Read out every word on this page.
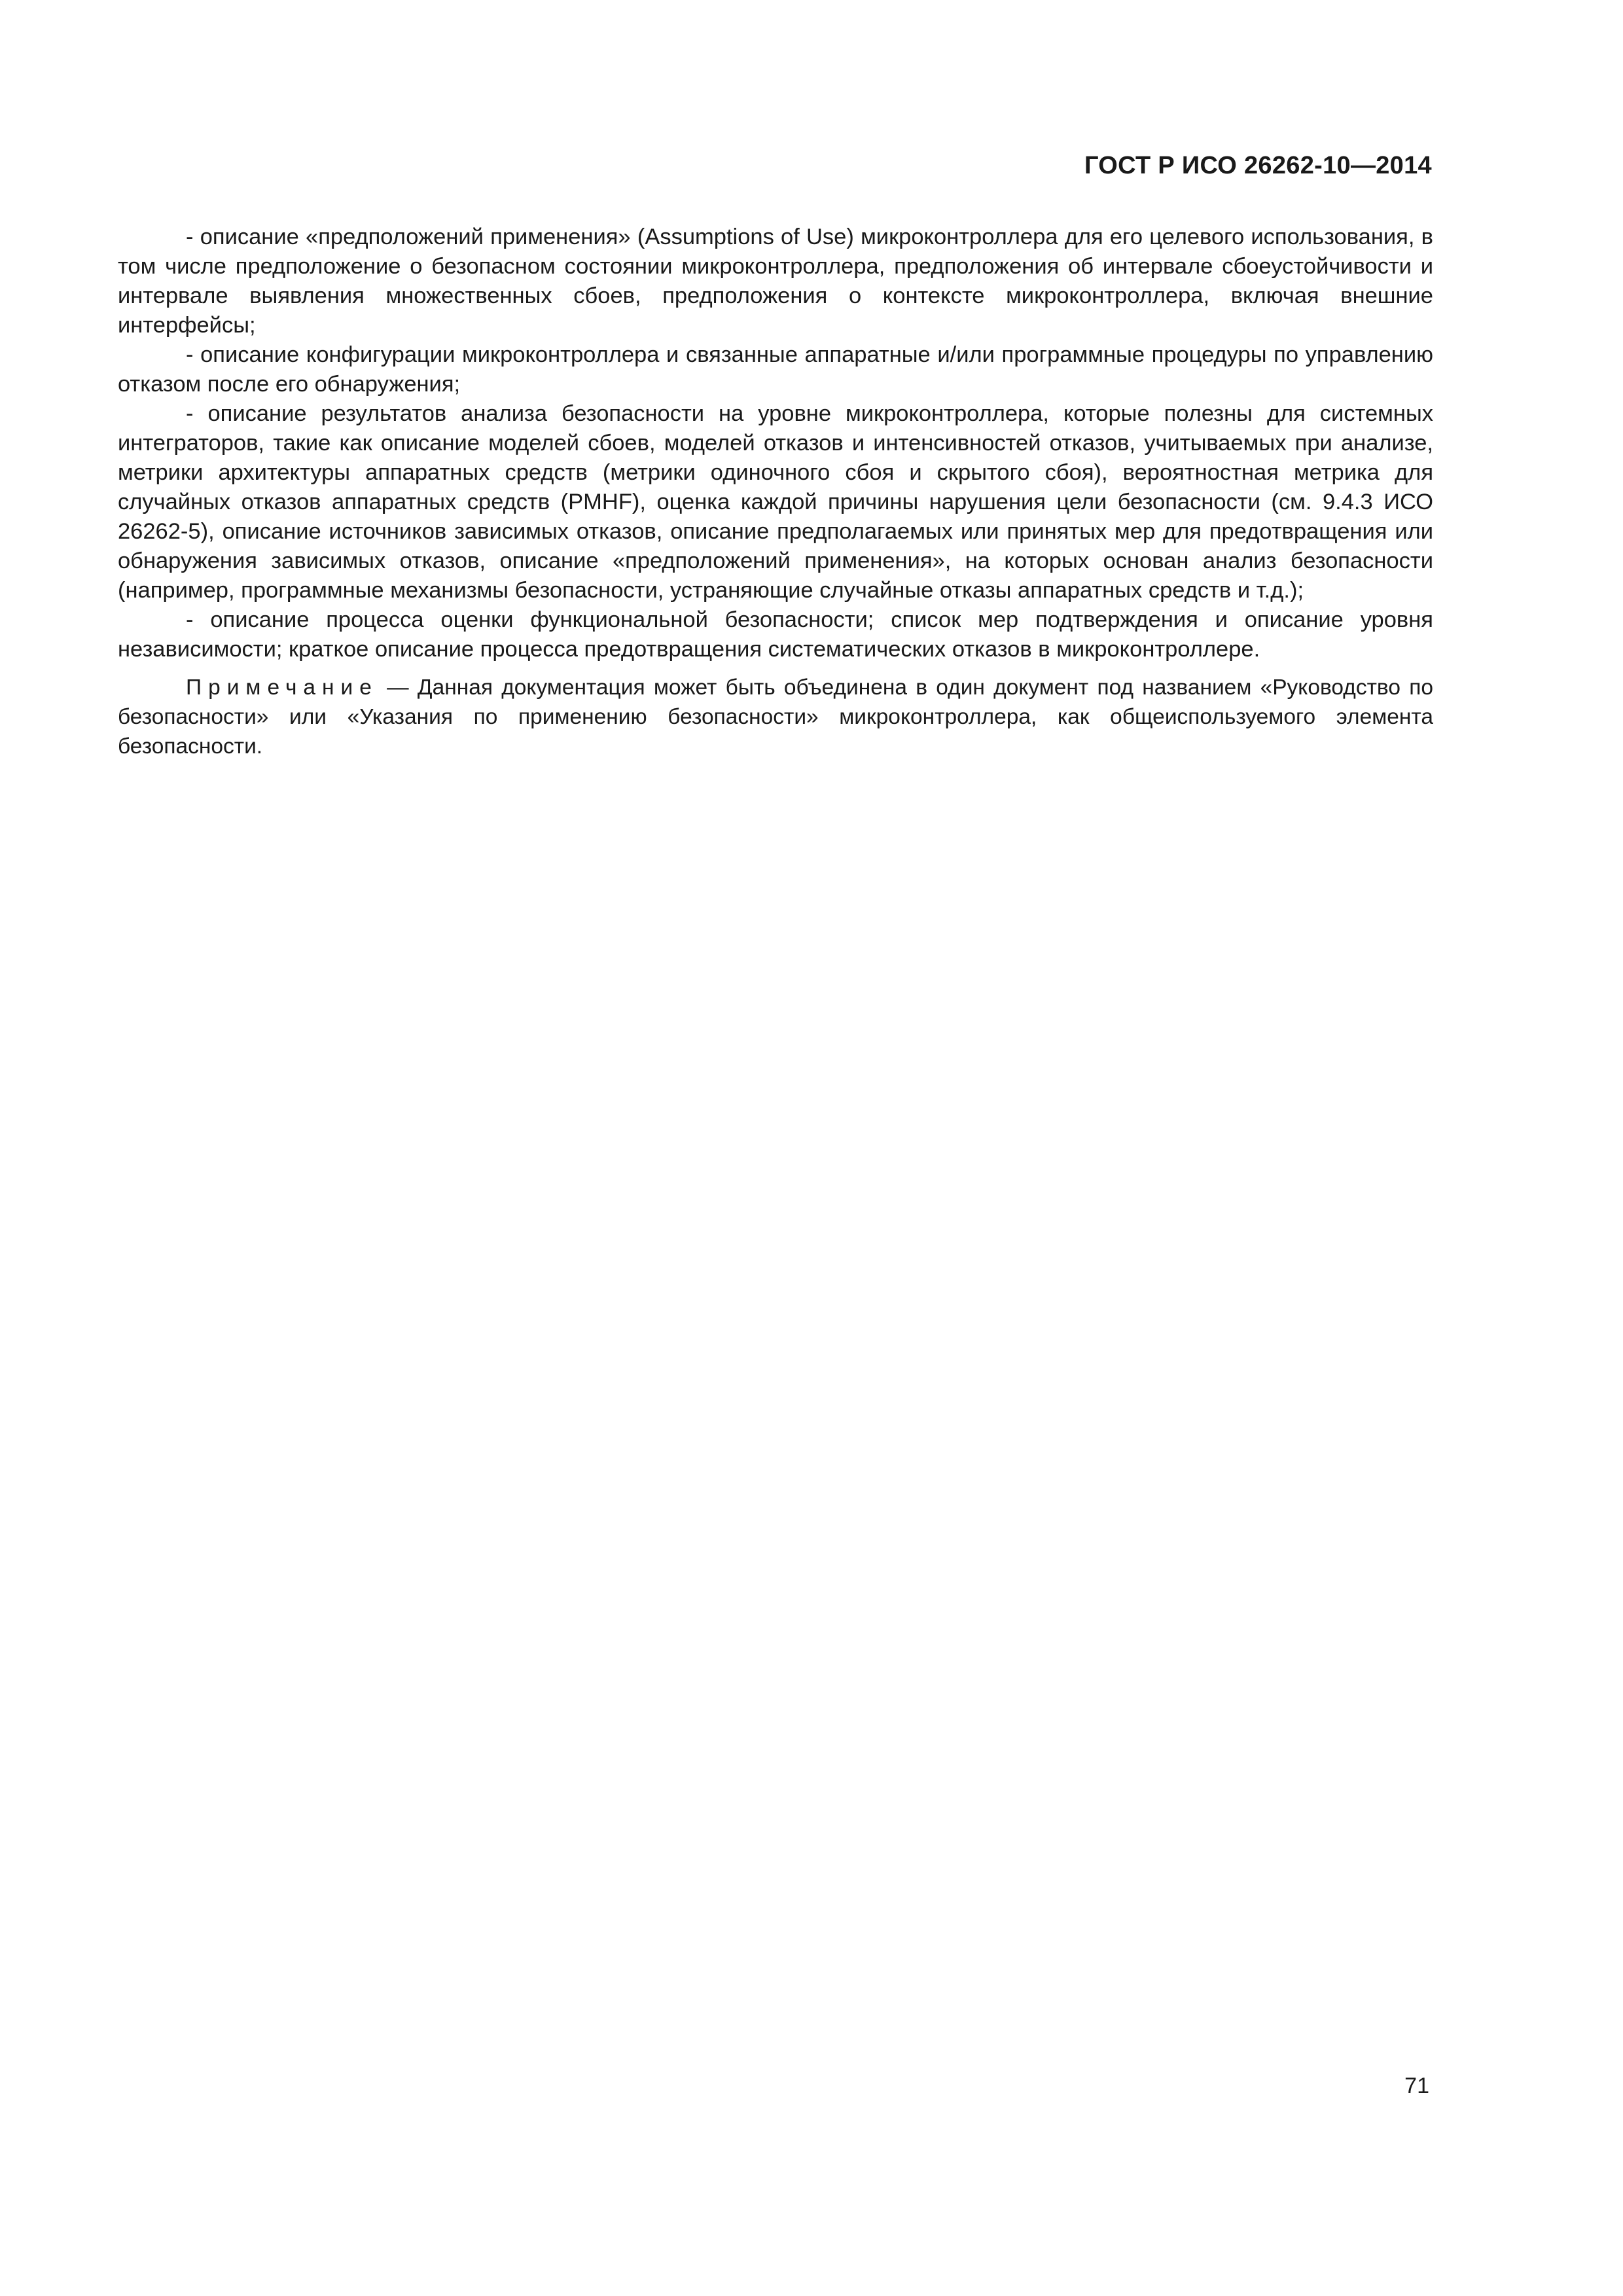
ГОСТ Р ИСО 26262-10—2014

- описание «предположений применения» (Assumptions of Use) микроконтроллера для его целевого использования, в том числе предположение о безопасном состоянии микроконтроллера, предположения об интервале сбоеустойчивости и интервале выявления множественных сбоев, предположения о контексте микроконтроллера, включая внешние интерфейсы;

- описание конфигурации микроконтроллера и связанные аппаратные и/или программные процедуры по управлению отказом после его обнаружения;

- описание результатов анализа безопасности на уровне микроконтроллера, которые полезны для системных интеграторов, такие как описание моделей сбоев, моделей отказов и интенсивностей отказов, учитываемых при анализе, метрики архитектуры аппаратных средств (метрики одиночного сбоя и скрытого сбоя), вероятностная метрика для случайных отказов аппаратных средств (PMHF), оценка каждой причины нарушения цели безопасности (см. 9.4.3 ИСО 26262-5), описание источников зависимых отказов, описание предполагаемых или принятых мер для предотвращения или обнаружения зависимых отказов, описание «предположений применения», на которых основан анализ безопасности (например, программные механизмы безопасности, устраняющие случайные отказы аппаратных средств и т.д.);

- описание процесса оценки функциональной безопасности; список мер подтверждения и описание уровня независимости; краткое описание процесса предотвращения систематических отказов в микроконтроллере.

Примечание — Данная документация может быть объединена в один документ под названием «Руководство по безопасности» или «Указания по применению безопасности» микроконтроллера, как общеиспользуемого элемента безопасности.

71
